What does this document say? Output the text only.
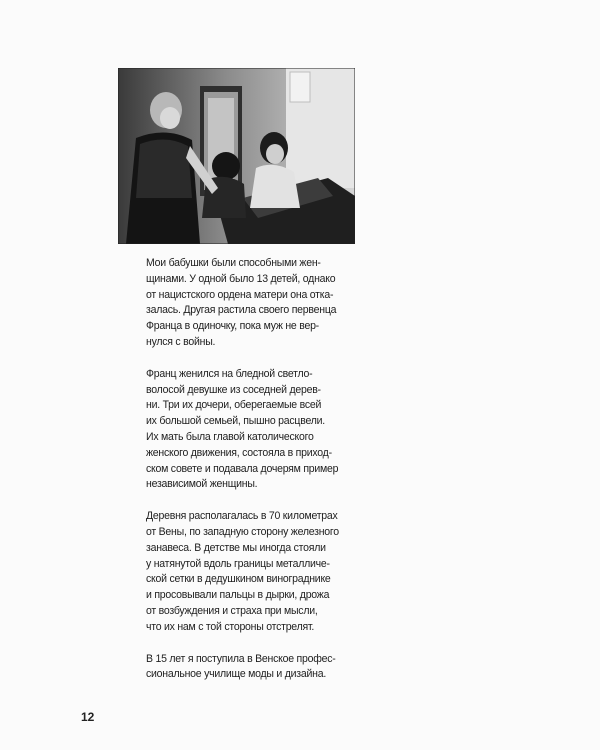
Мои бабушки были способными жен-
щинами. У одной было 13 детей, однако
от нацистского ордена матери она отка-
залась. Другая растила своего первенца
Франца в одиночку, пока муж не вер-
нулся с войны.

Франц женился на бледной светло-
волосой девушке из соседней дерев-
ни. Три их дочери, оберегаемые всей
их большой семьей, пышно расцвели.
Их мать была главой католического
женского движения, состояла в приход-
ском совете и подавала дочерям пример
независимой женщины.

Деревня располагалась в 70 километрах
от Вены, по западную сторону железного
занавеса. В детстве мы иногда стояли
у натянутой вдоль границы металличе-
ской сетки в дедушкином винограднике
и просовывали пальцы в дырки, дрожа
от возбуждения и страха при мысли,
что их нам с той стороны отстрелят.

В 15 лет я поступила в Венское профес-
сиональное училище моды и дизайна.

12
